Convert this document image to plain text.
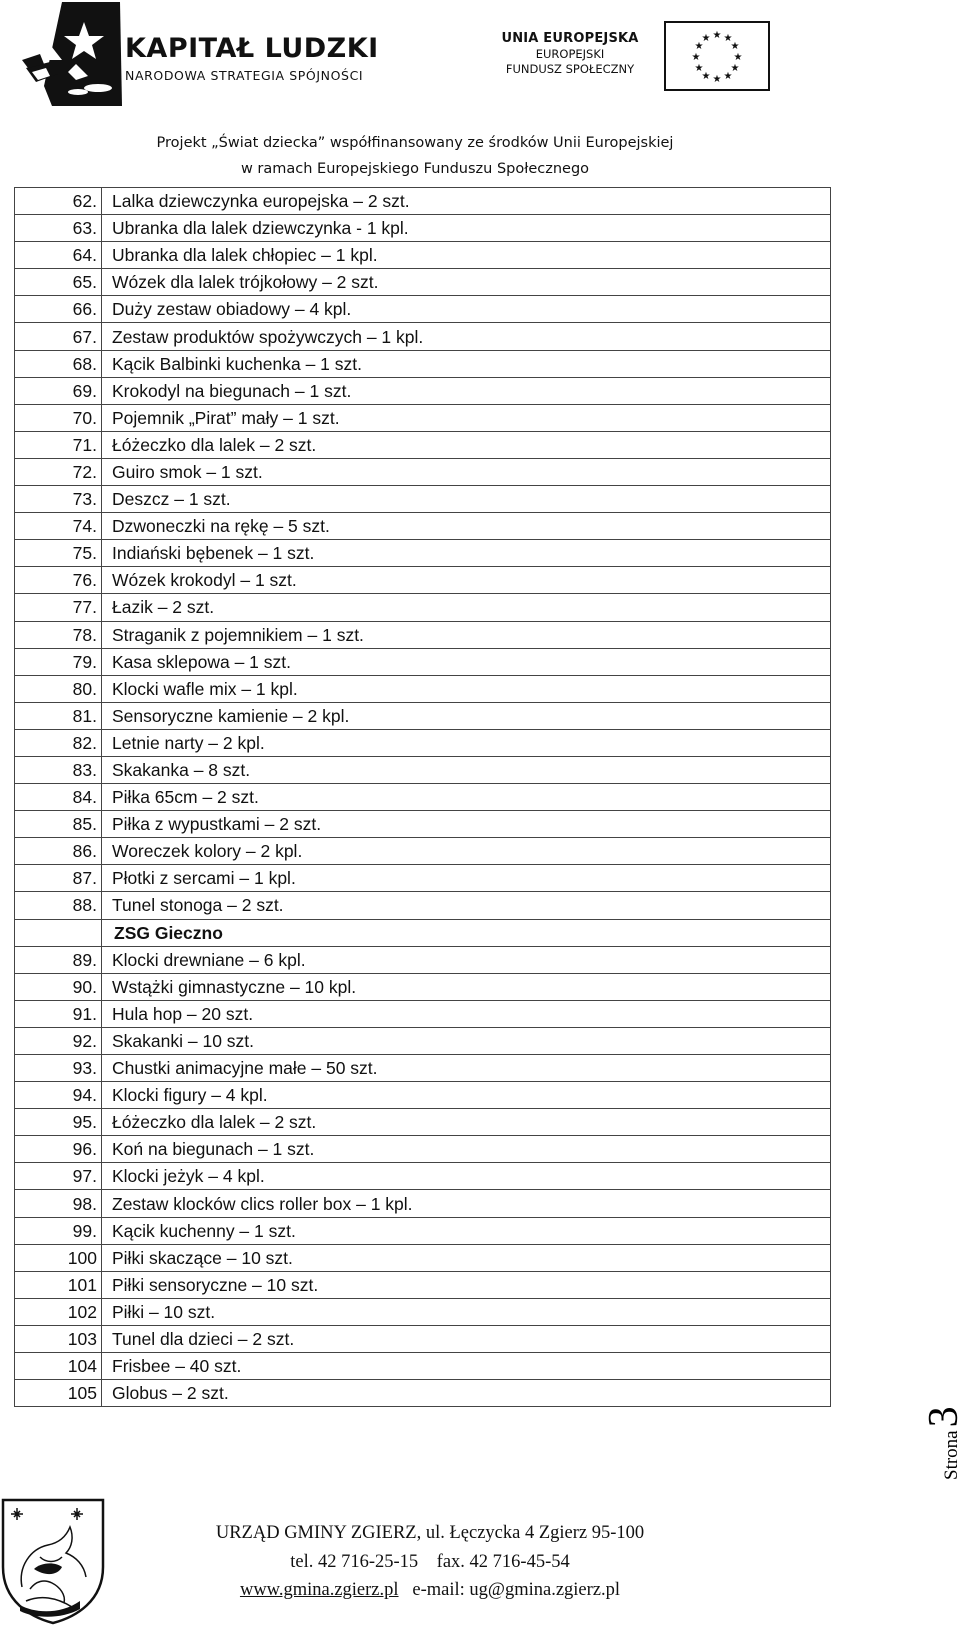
KAPITAŁ LUDZKI
NARODOWA STRATEGIA SPÓJNOŚCI
UNIA EUROPEJSKA
EUROPEJSKI
FUNDUSZ SPOŁECZNY
★ ★
★
★
★
★
★
★
★
★
★
★
Projekt „Świat dziecka” współfinansowany ze środków Unii Europejskiej
w ramach Europejskiego Funduszu Społecznego
62.	Lalka dziewczynka europejska – 2 szt.
63.	Ubranka dla lalek dziewczynka - 1 kpl.
64.	Ubranka dla lalek chłopiec – 1 kpl.
65.	Wózek dla lalek trójkołowy – 2 szt.
66.	Duży zestaw obiadowy – 4 kpl.
67.	Zestaw produktów spożywczych – 1 kpl.
68.	Kącik Balbinki kuchenka – 1 szt.
69.	Krokodyl na biegunach – 1 szt.
70.	Pojemnik „Pirat” mały – 1 szt.
71.	Łóżeczko dla lalek – 2 szt.
72.	Guiro smok – 1 szt.
73.	Deszcz – 1 szt.
74.	Dzwoneczki na rękę – 5 szt.
75.	Indiański bębenek – 1 szt.
76.	Wózek krokodyl – 1 szt.
77.	Łazik – 2 szt.
78.	Straganik z pojemnikiem – 1 szt.
79.	Kasa sklepowa – 1 szt.
80.	Klocki wafle mix – 1 kpl.
81.	Sensoryczne kamienie – 2 kpl.
82.	Letnie narty – 2 kpl.
83.	Skakanka – 8 szt.
84.	Piłka 65cm – 2 szt.
85.	Piłka z wypustkami – 2 szt.
86.	Woreczek kolory – 2 kpl.
87.	Płotki z sercami – 1 kpl.
88.	Tunel stonoga – 2 szt.
	ZSG Gieczno
89.	Klocki drewniane – 6 kpl.
90.	Wstążki gimnastyczne – 10 kpl.
91.	Hula hop – 20 szt.
92.	Skakanki – 10 szt.
93.	Chustki animacyjne małe – 50 szt.
94.	Klocki figury – 4 kpl.
95.	Łóżeczko dla lalek – 2 szt.
96.	Koń na biegunach – 1 szt.
97.	Klocki jeżyk – 4 kpl.
98.	Zestaw klocków clics roller box – 1 kpl.
99.	Kącik kuchenny – 1 szt.
100	Piłki skaczące – 10 szt.
101	Piłki sensoryczne – 10 szt.
102	Piłki – 10 szt.
103	Tunel dla dzieci – 2 szt.
104	Frisbee – 40 szt.
105	Globus – 2 szt.
Strona3
URZĄD GMINY ZGIERZ, ul. Łęczycka 4 Zgierz 95-100
tel. 42 716-25-15 fax. 42 716-45-54
www.gmina.zgierz.pl e-mail: ug@gmina.zgierz.pl
